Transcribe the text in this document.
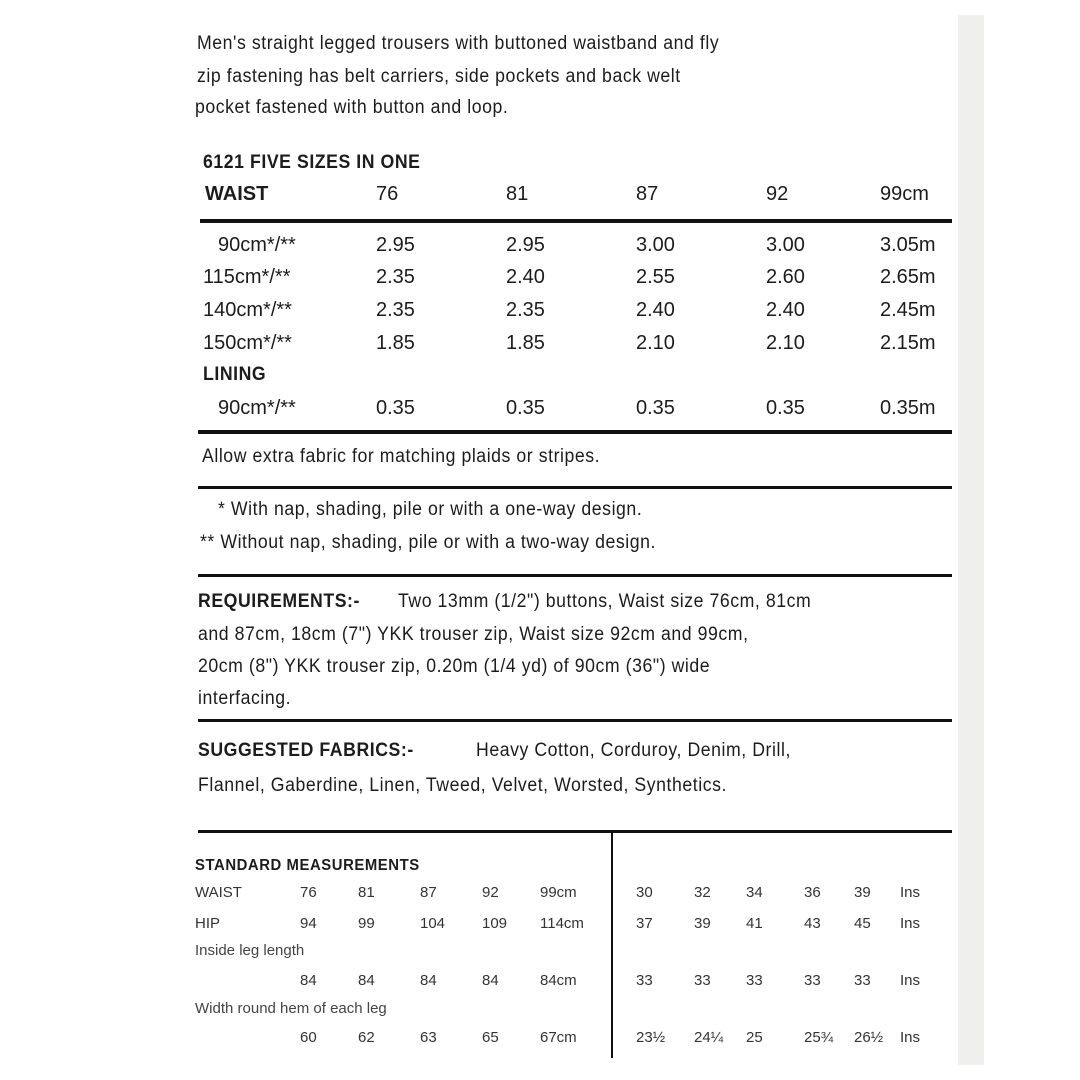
Men's straight legged trousers with buttoned waistband and fly
zip fastening has belt carriers, side pockets and back welt
pocket fastened with button and loop.
6121 FIVE SIZES IN ONE
WAIST	76	81	87	92	99cm
90cm*/**	2.95	2.95	3.00	3.00	3.05m
115cm*/**	2.35	2.40	2.55	2.60	2.65m
140cm*/**	2.35	2.35	2.40	2.40	2.45m
150cm*/**	1.85	1.85	2.10	2.10	2.15m
LINING
90cm*/**	0.35	0.35	0.35	0.35	0.35m
Allow extra fabric for matching plaids or stripes.
* With nap, shading, pile or with a one-way design.
** Without nap, shading, pile or with a two-way design.
REQUIREMENTS:-	Two 13mm (1/2") buttons, Waist size 76cm, 81cm
and 87cm, 18cm (7") YKK trouser zip, Waist size 92cm and 99cm,
20cm (8") YKK trouser zip, 0.20m (1/4 yd) of 90cm (36") wide
interfacing.
SUGGESTED FABRICS:-	Heavy Cotton, Corduroy, Denim, Drill,
Flannel, Gaberdine, Linen, Tweed, Velvet, Worsted, Synthetics.
STANDARD MEASUREMENTS
WAIST	76	81	87	92	99cm	30	32 34	36 39 Ins
HIP	94	99	104 109 114cm	37	39 41	43 45 Ins
Inside leg length
84	84	84	84	84cm	33	33 33	33 33 Ins
Width round hem of each leg
60	62	63	65	67cm	23½ 24¼ 25	25¾ 26½ Ins
